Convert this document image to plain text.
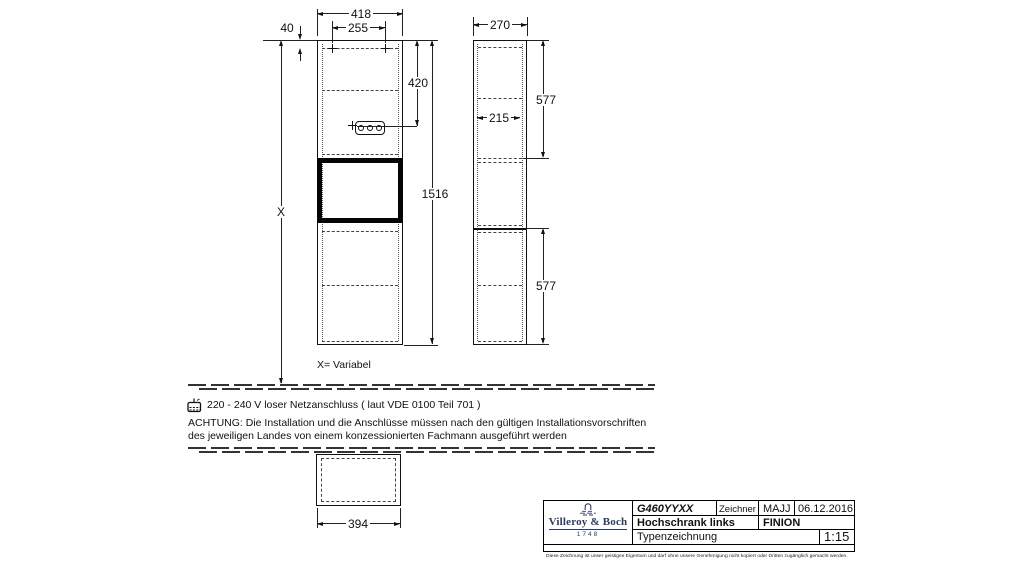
418
255
40
X
420
1516
270
215
577
577
X= Variabel
220 - 240 V loser Netzanschluss ( laut VDE 0100 Teil 701 )
ACHTUNG: Die Installation und die Anschlüsse müssen nach den gültigen Installationsvorschriften
des jeweiligen Landes von einem konzessionierten Fachmann ausgeführt werden
394	Villeroy & Boch
1748
G460YYXX	Zeichner MAJJ 06.12.2016
Hochschrank links	FINION
Typenzeichnung	1:15
Diese Zeichnung ist unser geistiges Eigentum und darf ohne unsere Genehmigung nicht kopiert oder Dritten zugänglich gemacht werden.
